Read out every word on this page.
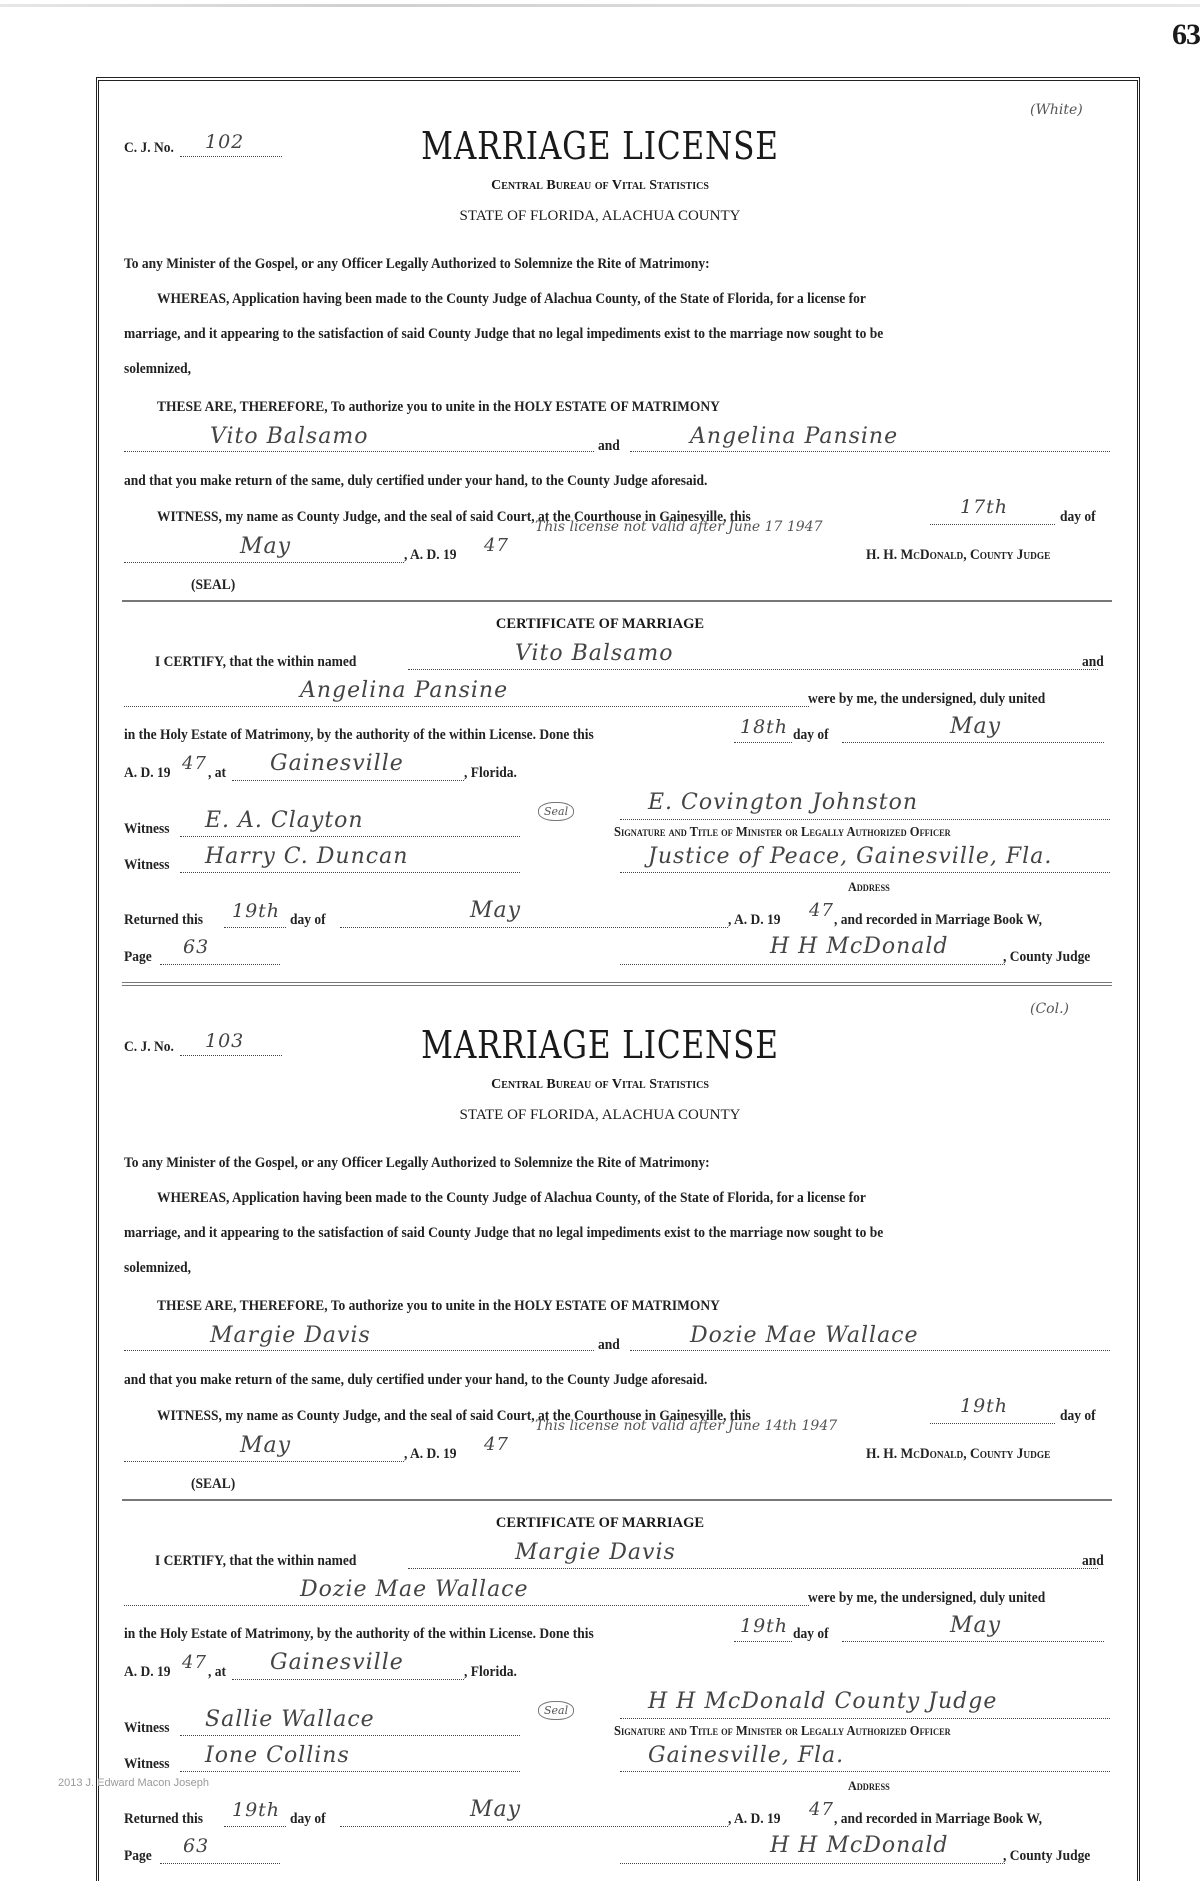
63
(White)
C. J. No. 102	MARRIAGE LICENSE
Central Bureau of Vital Statistics
STATE OF FLORIDA, ALACHUA COUNTY
To any Minister of the Gospel, or any Officer Legally Authorized to Solemnize the Rite of Matrimony:
WHEREAS, Application having been made to the County Judge of Alachua County, of the State of Florida, for a license for
marriage, and it appearing to the satisfaction of said County Judge that no legal impediments exist to the marriage now sought to be
solemnized,
THESE ARE, THEREFORE, To authorize you to unite in the HOLY ESTATE OF MATRIMONY
Vito Balsamo	and	Angelina Pansine
and that you make return of the same, duly certified under your hand, to the County Judge aforesaid.
WITNESS, my name as County Judge, and the seal of said Court, at the Courthouse in Gainesville, this	17th	day of
May	, A. D. 19 47
This license not valid after June 17 1947
H. H. McDonald, County Judge
(SEAL)
CERTIFICATE OF MARRIAGE
I CERTIFY, that the within named	Vito Balsamo	and
Angelina Pansine	were by me, the undersigned, duly united
in the Holy Estate of Matrimony, by the authority of the within License. Done this	18th day of	May
A. D. 19 47 , at Gainesville	, Florida.
Witness E. A. Clayton	Seal	E. Covington Johnston
Signature and Title of Minister or Legally Authorized Officer
Witness Harry C. Duncan	Justice of Peace, Gainesville, Fla.
Address
Returned this 19th day of	May	, A. D. 19 47 , and recorded in Marriage Book W,
Page 63	H H McDonald	, County Judge
(Col.)
C. J. No. 103	MARRIAGE LICENSE
Central Bureau of Vital Statistics
STATE OF FLORIDA, ALACHUA COUNTY
To any Minister of the Gospel, or any Officer Legally Authorized to Solemnize the Rite of Matrimony:
WHEREAS, Application having been made to the County Judge of Alachua County, of the State of Florida, for a license for
marriage, and it appearing to the satisfaction of said County Judge that no legal impediments exist to the marriage now sought to be
solemnized,
THESE ARE, THEREFORE, To authorize you to unite in the HOLY ESTATE OF MATRIMONY
Margie Davis	and	Dozie Mae Wallace
and that you make return of the same, duly certified under your hand, to the County Judge aforesaid.
WITNESS, my name as County Judge, and the seal of said Court, at the Courthouse in Gainesville, this	19th	day of
May	, A. D. 19 47
This license not valid after June 14th 1947
H. H. McDonald, County Judge
(SEAL)
CERTIFICATE OF MARRIAGE
I CERTIFY, that the within named	Margie Davis	and
Dozie Mae Wallace	were by me, the undersigned, duly united
in the Holy Estate of Matrimony, by the authority of the within License. Done this	19th day of	May
A. D. 19 47 , at Gainesville	, Florida.
Witness Sallie Wallace	Seal	H H McDonald County Judge
Signature and Title of Minister or Legally Authorized Officer
Witness Ione Collins	Gainesville, Fla.
Address
Returned this 19th day of	May	, A. D. 19 47 , and recorded in Marriage Book W,
Page 63	H H McDonald	, County Judge
2013 J. Edward Macon Joseph
